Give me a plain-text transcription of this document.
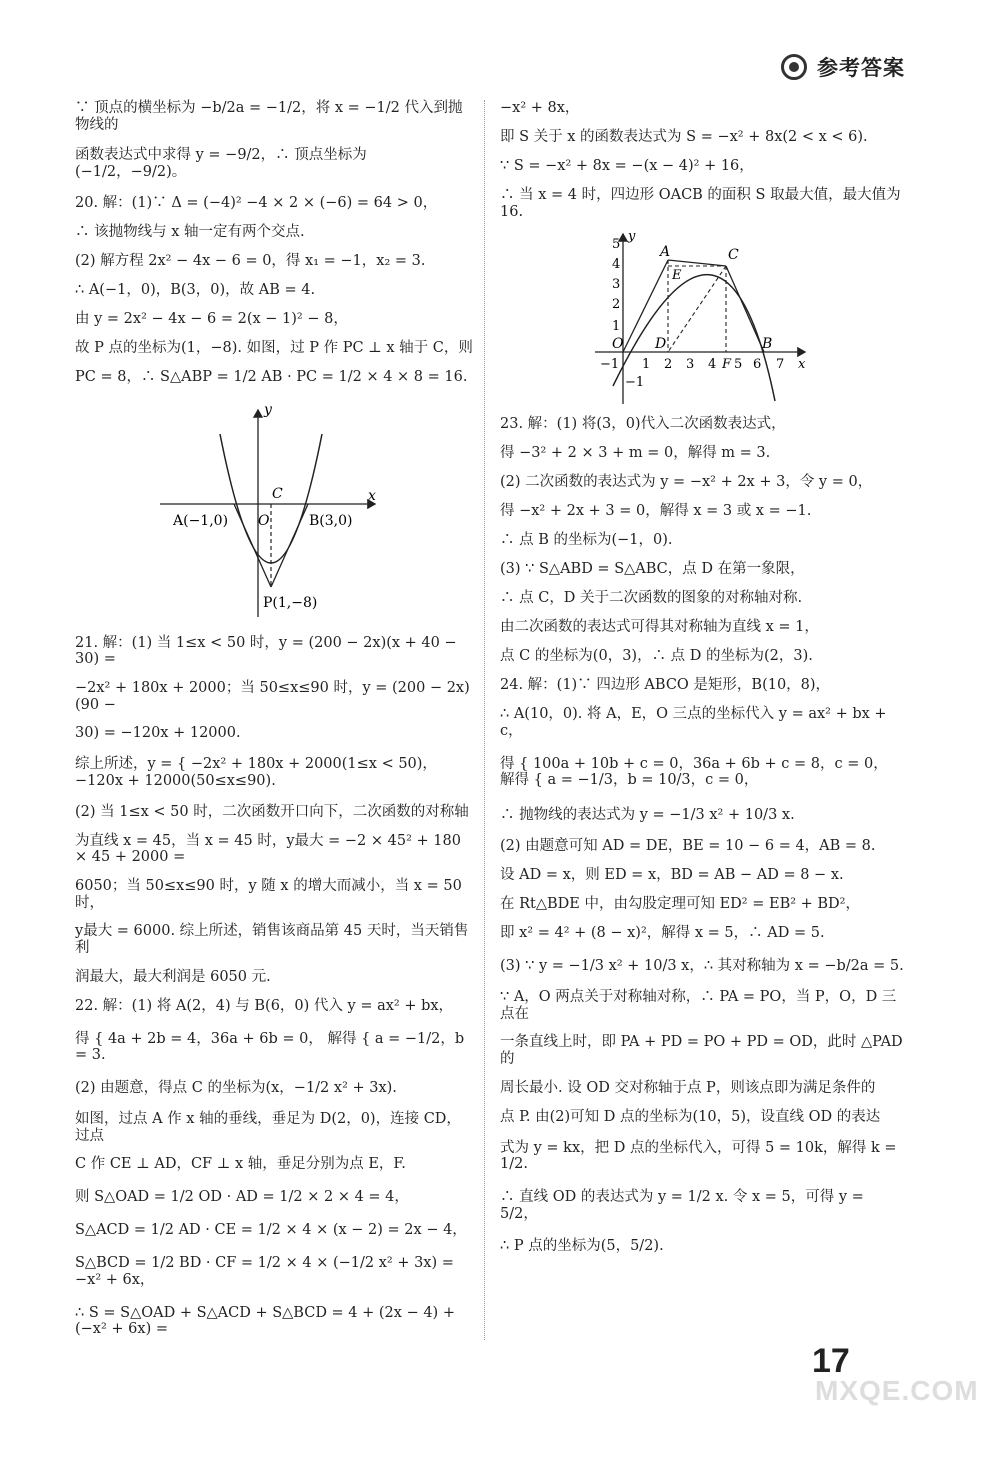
参考答案

∵ 顶点的横坐标为 −b/2a = −1/2，将 x = −1/2 代入到抛物线的

函数表达式中求得 y = −9/2，∴ 顶点坐标为(−1/2，−9/2)。

20. 解：(1)∵ Δ = (−4)² −4 × 2 × (−6) = 64 > 0，

∴ 该抛物线与 x 轴一定有两个交点.

(2) 解方程 2x² − 4x − 6 = 0，得 x₁ = −1，x₂ = 3.

∴ A(−1，0)，B(3，0)，故 AB = 4.

由 y = 2x² − 4x − 6 = 2(x − 1)² − 8，

故 P 点的坐标为(1，−8). 如图，过 P 作 PC ⊥ x 轴于 C，则

PC = 8，∴ S△ABP = 1/2 AB · PC = 1/2 × 4 × 8 = 16.

y
x
A(−1,0) O
C
B(3,0)
P(1,−8)

21. 解：(1) 当 1≤x < 50 时，y = (200 − 2x)(x + 40 − 30) =

−2x² + 180x + 2000；当 50≤x≤90 时，y = (200 − 2x)(90 −

30) = −120x + 12000.

综上所述，y = { −2x² + 180x + 2000(1≤x < 50)，−120x + 12000(50≤x≤90).

(2) 当 1≤x < 50 时，二次函数开口向下，二次函数的对称轴

为直线 x = 45，当 x = 45 时，y最大 = −2 × 45² + 180 × 45 + 2000 =

6050；当 50≤x≤90 时，y 随 x 的增大而减小，当 x = 50 时，

y最大 = 6000. 综上所述，销售该商品第 45 天时，当天销售利

润最大，最大利润是 6050 元.

22. 解：(1) 将 A(2，4) 与 B(6，0) 代入 y = ax² + bx，

得 { 4a + 2b = 4，36a + 6b = 0， 解得 { a = −1/2，b = 3.

(2) 由题意，得点 C 的坐标为(x，−1/2 x² + 3x).

如图，过点 A 作 x 轴的垂线，垂足为 D(2，0)，连接 CD，过点

C 作 CE ⊥ AD，CF ⊥ x 轴，垂足分别为点 E，F.

则 S△OAD = 1/2 OD · AD = 1/2 × 2 × 4 = 4，

S△ACD = 1/2 AD · CE = 1/2 × 4 × (x − 2) = 2x − 4，

S△BCD = 1/2 BD · CF = 1/2 × 4 × (−1/2 x² + 3x) = −x² + 6x，

∴ S = S△OAD + S△ACD + S△BCD = 4 + (2x − 4) + (−x² + 6x) =

−x² + 8x，

即 S 关于 x 的函数表达式为 S = −x² + 8x(2 < x < 6).

∵ S = −x² + 8x = −(x − 4)² + 16，

∴ 当 x = 4 时，四边形 OACB 的面积 S 取最大值，最大值为 16.

y
x
A	C
E
O D	B
F
−1 1 2 3 4 5 6 7
5
4
3
2
1
−1

23. 解：(1) 将(3，0)代入二次函数表达式，

得 −3² + 2 × 3 + m = 0，解得 m = 3.

(2) 二次函数的表达式为 y = −x² + 2x + 3，令 y = 0，

得 −x² + 2x + 3 = 0，解得 x = 3 或 x = −1.

∴ 点 B 的坐标为(−1，0).

(3) ∵ S△ABD = S△ABC，点 D 在第一象限，

∴ 点 C，D 关于二次函数的图象的对称轴对称.

由二次函数的表达式可得其对称轴为直线 x = 1，

点 C 的坐标为(0，3)，∴ 点 D 的坐标为(2，3).

24. 解：(1)∵ 四边形 ABCO 是矩形，B(10，8)，

∴ A(10，0). 将 A，E，O 三点的坐标代入 y = ax² + bx + c，

得 { 100a + 10b + c = 0，36a + 6b + c = 8，c = 0， 解得 { a = −1/3，b = 10/3，c = 0，

∴ 抛物线的表达式为 y = −1/3 x² + 10/3 x.

(2) 由题意可知 AD = DE，BE = 10 − 6 = 4，AB = 8.

设 AD = x，则 ED = x，BD = AB − AD = 8 − x.

在 Rt△BDE 中，由勾股定理可知 ED² = EB² + BD²，

即 x² = 4² + (8 − x)²，解得 x = 5，∴ AD = 5.

(3) ∵ y = −1/3 x² + 10/3 x，∴ 其对称轴为 x = −b/2a = 5.

∵ A，O 两点关于对称轴对称，∴ PA = PO，当 P，O，D 三点在

一条直线上时，即 PA + PD = PO + PD = OD，此时 △PAD 的

周长最小. 设 OD 交对称轴于点 P，则该点即为满足条件的

点 P. 由(2)可知 D 点的坐标为(10，5)，设直线 OD 的表达

式为 y = kx，把 D 点的坐标代入，可得 5 = 10k，解得 k = 1/2.

∴ 直线 OD 的表达式为 y = 1/2 x. 令 x = 5，可得 y = 5/2，

∴ P 点的坐标为(5，5/2).

17
MXQE.COM
